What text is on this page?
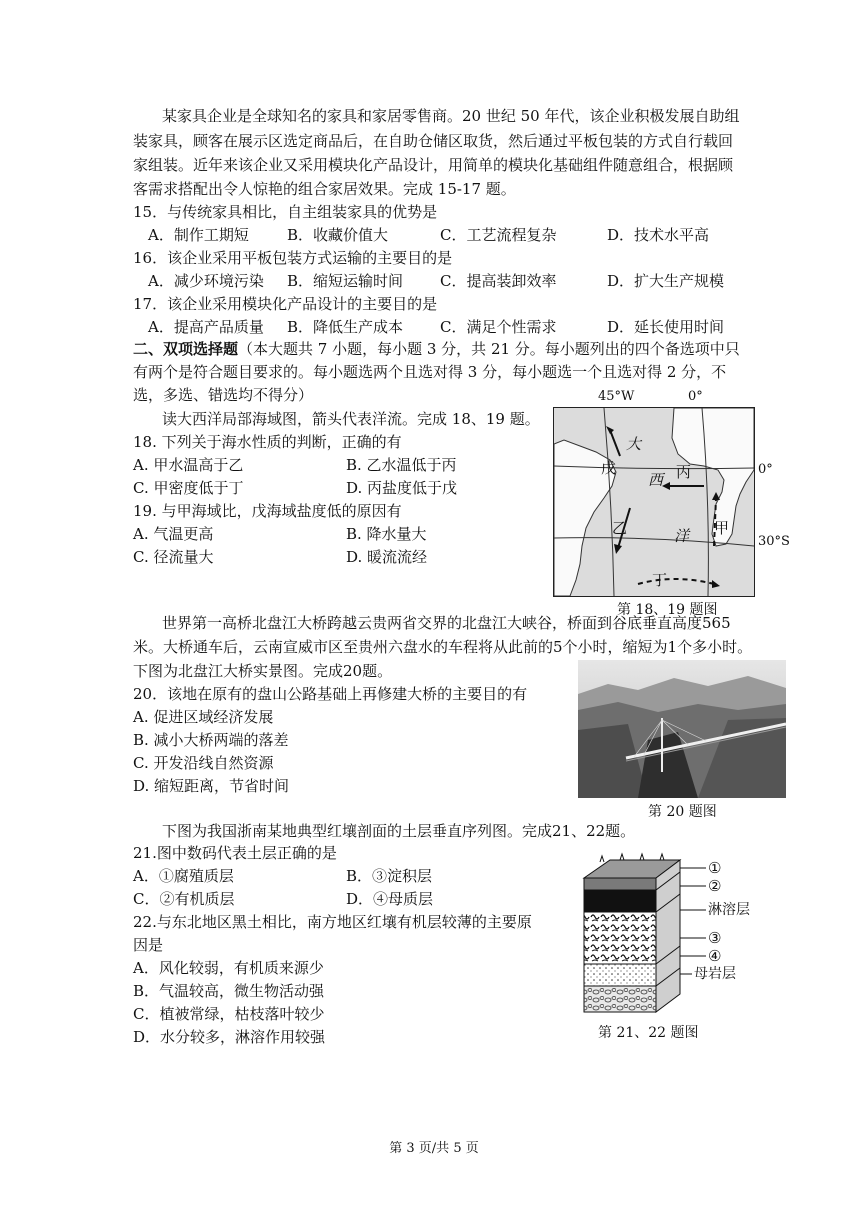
某家具企业是全球知名的家具和家居零售商。20 世纪 50 年代，该企业积极发展自助组
装家具，顾客在展示区选定商品后，在自助仓储区取货，然后通过平板包装的方式自行载回
家组装。近年来该企业又采用模块化产品设计，用简单的模块化基础组件随意组合，根据顾
客需求搭配出令人惊艳的组合家居效果。完成 15-17 题。
15．与传统家具相比，自主组装家具的优势是
A．制作工期短	B．收藏价值大	C．工艺流程复杂	D．技术水平高
16．该企业采用平板包装方式运输的主要目的是
A．减少环境污染 B．缩短运输时间 C．提高装卸效率	D．扩大生产规模
17．该企业采用模块化产品设计的主要目的是
A．提高产品质量 B．降低生产成本 C．满足个性需求	D．延长使用时间
二、双项选择题（本大题共 7 小题，每小题 3 分，共 21 分。每小题列出的四个备选项中只
有两个是符合题目要求的。每小题选两个且选对得 3 分，每小题选一个且选对得 2 分，不
选，多选、错选均不得分）
读大西洋局部海域图，箭头代表洋流。完成 18、19 题。
18. 下列关于海水性质的判断，正确的有
A. 甲水温高于乙	B. 乙水温低于丙
C. 甲密度低于丁	D. 丙盐度低于戊
19. 与甲海域比，戊海域盐度低的原因有
A. 气温更高	B. 降水量大
C. 径流量大	D. 暖流流经
45°W	0°
大
戊
西 丙
乙	洋 甲
丁
0°
30°S
第 18、19 题图
世界第一高桥北盘江大桥跨越云贵两省交界的北盘江大峡谷，桥面到谷底垂直高度565
米。大桥通车后，云南宣威市区至贵州六盘水的车程将从此前的5个小时，缩短为1个多小时。
下图为北盘江大桥实景图。完成20题。
20．该地在原有的盘山公路基础上再修建大桥的主要目的有
A. 促进区域经济发展
B. 减小大桥两端的落差
C. 开发沿线自然资源
D. 缩短距离，节省时间
第 20 题图
下图为我国浙南某地典型红壤剖面的土层垂直序列图。完成21、22题。
21.图中数码代表土层正确的是
A．①腐殖质层	B．③淀积层
C．②有机质层	D．④母质层
22.与东北地区黑土相比，南方地区红壤有机层较薄的主要原
因是
A．风化较弱，有机质来源少
B．气温较高，微生物活动强
C．植被常绿，枯枝落叶较少
D．水分较多，淋溶作用较强
①
②
淋溶层
③
④
母岩层
第 21、22 题图
第 3 页/共 5 页
